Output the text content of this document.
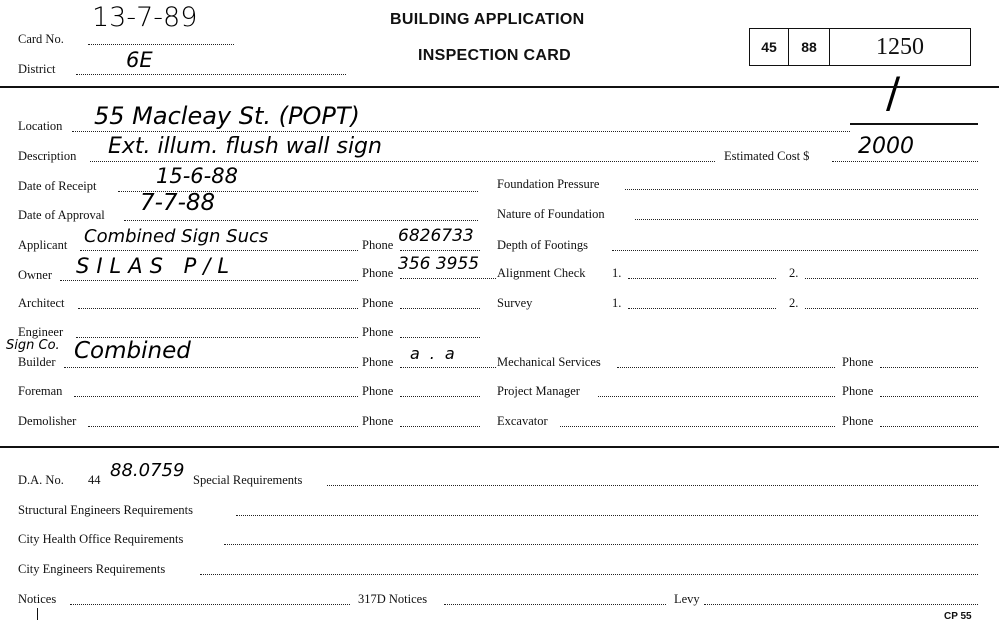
Card No.
13-7-89
District	6E
BUILDING APPLICATION
INSPECTION CARD	45	88	1250
/
Location 55 Macleay St. (POPT)
Description Ext. illum. flush wall sign	Estimated Cost $ 2000
Date of Receipt	15-6-88	Foundation Pressure
Date of Approval 7-7-88	Nature of Foundation
Applicant Combined Sign Sucs	Phone 6826733 Depth of Footings
Owner SILAS P/L	Phone 356 3955 Alignment Check 1.	2.
Architect	Phone	Survey	1.	2.
Engineer	Phone
Sign Co.
Builder Combined	Phone a.a	Mechanical Services	Phone
Foreman	Phone	Project Manager	Phone
Demolisher	Phone	Excavator	Phone
D.A. No. 44 88.0759 Special Requirements
Structural Engineers Requirements
City Health Office Requirements
City Engineers Requirements
Notices	317D Notices	Levy
CP 55
